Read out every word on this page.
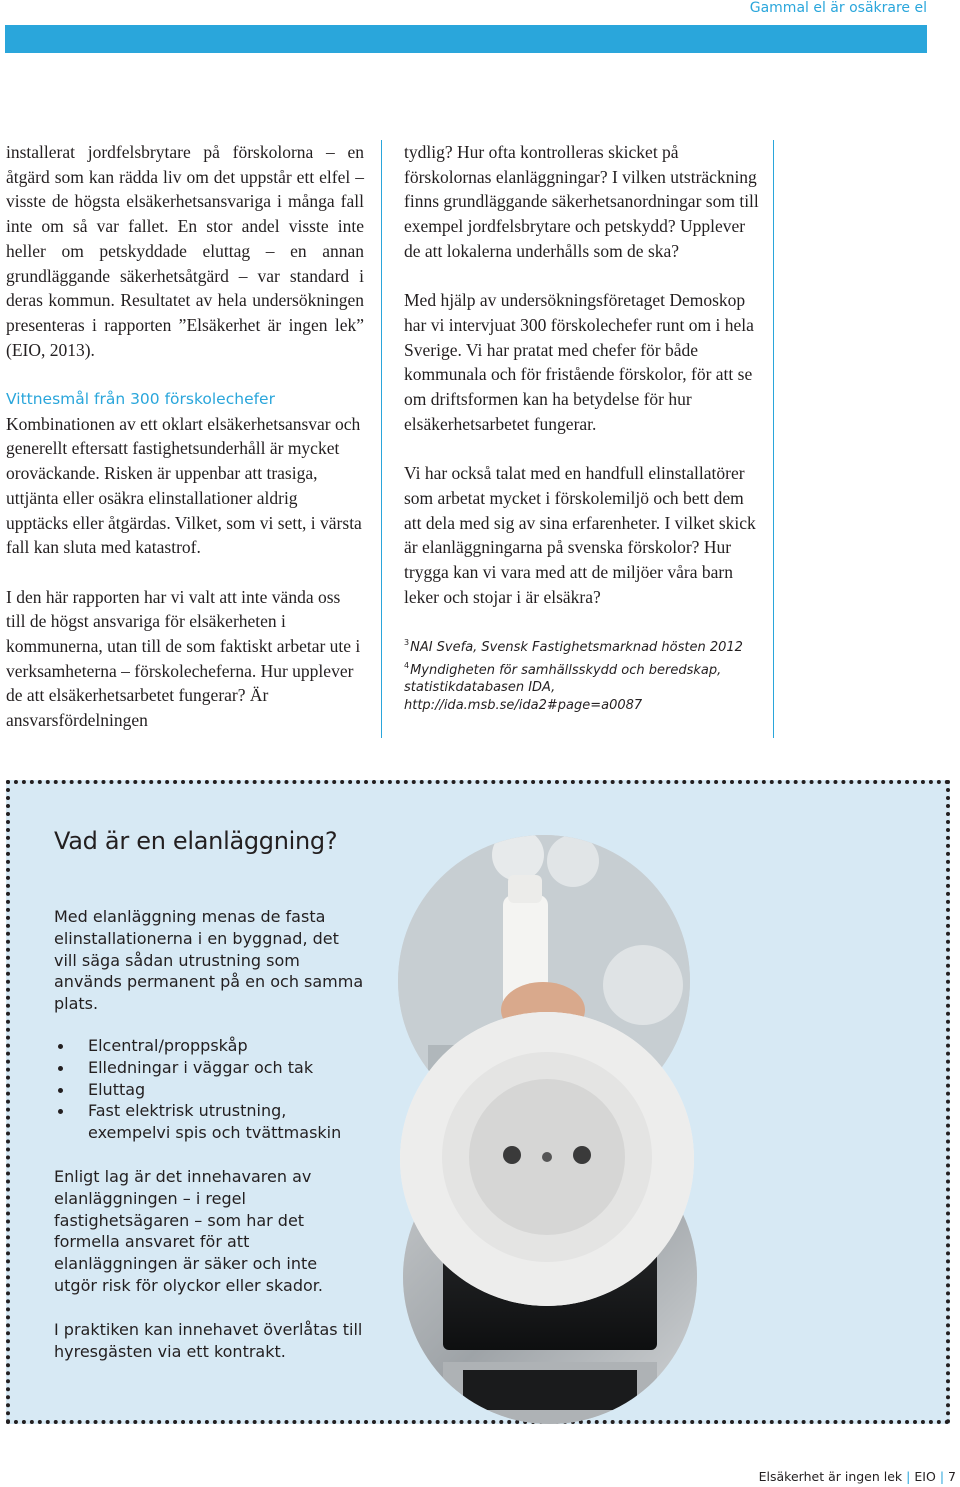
Gammal el är osäkrare el

installerat jordfelsbrytare på förskolorna – en åtgärd som kan rädda liv om det uppstår ett elfel – visste de högsta elsäkerhetsansvariga i många fall inte om så var fallet. En stor andel visste inte heller om petskyddade eluttag – en annan grundläggande säkerhetsåtgärd – var standard i deras kommun. Resultatet av hela undersökningen presenteras i rapporten ”Elsäkerhet är ingen lek” (EIO, 2013).

Vittnesmål från 300 förskolechefer

Kombinationen av ett oklart elsäkerhetsansvar och generellt eftersatt fastighetsunderhåll är mycket oroväckande. Risken är uppenbar att trasiga, uttjänta eller osäkra elinstallationer aldrig upptäcks eller åtgärdas. Vilket, som vi sett, i värsta fall kan sluta med katastrof.

I den här rapporten har vi valt att inte vända oss till de högst ansvariga för elsäkerheten i kommunerna, utan till de som faktiskt arbetar ute i verksamheterna – förskolecheferna. Hur upplever de att elsäkerhetsarbetet fungerar? Är ansvarsfördelningen

tydlig? Hur ofta kontrolleras skicket på förskolornas elanläggningar? I vilken utsträckning finns grundläggande säkerhetsanordningar som till exempel jordfelsbrytare och petskydd? Upplever de att lokalerna underhålls som de ska?

Med hjälp av undersökningsföretaget Demoskop har vi intervjuat 300 förskolechefer runt om i hela Sverige. Vi har pratat med chefer för både kommunala och för fristående förskolor, för att se om driftsformen kan ha betydelse för hur elsäkerhetsarbetet fungerar.

Vi har också talat med en handfull elinstallatörer som arbetat mycket i förskolemiljö och bett dem att dela med sig av sina erfarenheter. I vilket skick är elanläggningarna på svenska förskolor? Hur trygga kan vi vara med att de miljöer våra barn leker och stojar i är elsäkra?

$^3$NAI Svefa, Svensk Fastighetsmarknad hösten 2012
$^4$Myndigheten för samhällsskydd och beredskap, statistikdatabasen IDA, http://ida.msb.se/ida2#page=a0087
Vad är en elanläggning?
Med elanläggning menas de fasta elinstallationerna i en byggnad, det vill säga sådan utrustning som används permanent på en och samma plats.
Elcentral/proppskåp
Elledningar i väggar och tak
Eluttag
Fast elektrisk utrustning, exempelvi spis och tvättmaskin
Enligt lag är det innehavaren av elanläggningen – i regel fastighetsägaren – som har det formella ansvaret för att elanläggningen är säker och inte utgör risk för olyckor eller skador.
I praktiken kan innehavet överlåtas till hyresgästen via ett kontrakt.
Elsäkerhet är ingen lek | EIO | 7
